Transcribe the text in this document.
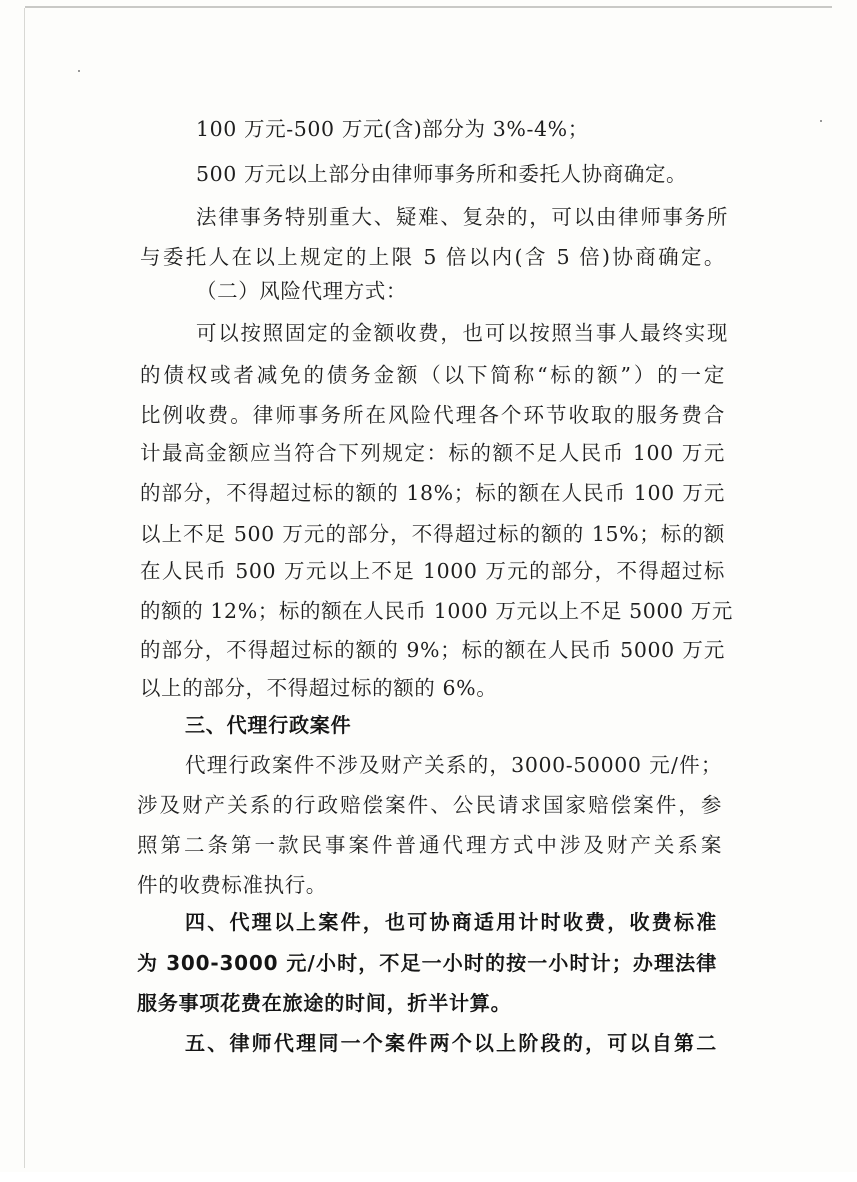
100 万元-500 万元(含)部分为 3%-4%；
500 万元以上部分由律师事务所和委托人协商确定。
法律事务特别重大、疑难、复杂的，可以由律师事务所
与委托人在以上规定的上限 5 倍以内(含 5 倍)协商确定。
（二）风险代理方式：
可以按照固定的金额收费，也可以按照当事人最终实现
的债权或者减免的债务金额（以下简称“标的额”）的一定
比例收费。律师事务所在风险代理各个环节收取的服务费合
计最高金额应当符合下列规定：标的额不足人民币 100 万元
的部分，不得超过标的额的 18%；标的额在人民币 100 万元
以上不足 500 万元的部分，不得超过标的额的 15%；标的额
在人民币 500 万元以上不足 1000 万元的部分，不得超过标
的额的 12%；标的额在人民币 1000 万元以上不足 5000 万元
的部分，不得超过标的额的 9%；标的额在人民币 5000 万元
以上的部分，不得超过标的额的 6%。
三、代理行政案件
代理行政案件不涉及财产关系的，3000-50000 元/件；
涉及财产关系的行政赔偿案件、公民请求国家赔偿案件，参
照第二条第一款民事案件普通代理方式中涉及财产关系案
件的收费标准执行。
四、代理以上案件，也可协商适用计时收费，收费标准
为 300-3000 元/小时，不足一小时的按一小时计；办理法律
服务事项花费在旅途的时间，折半计算。
五、律师代理同一个案件两个以上阶段的，可以自第二
